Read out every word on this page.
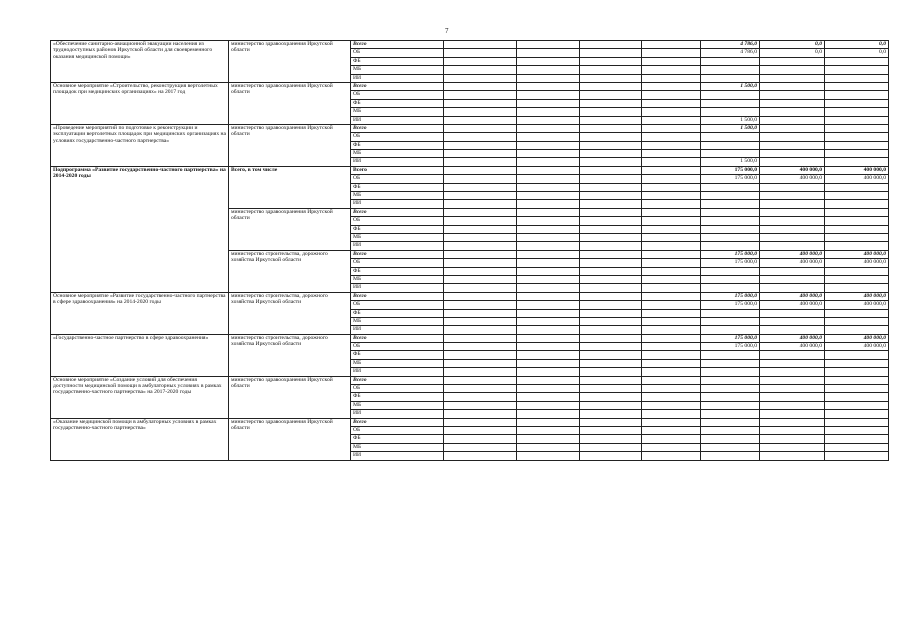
7
«Обеспечение санитарно-авиационной эвакуации населения из труднодоступных районов Иркутской области для своевременного оказания медицинской помощи»	министерство здравоохранения Иркутской области	Всего					4 786,0	0,0	0,0	
		ОБ					4 786,0	0,0	0,0	
		ФБ								
		МБ								
		ИИ								
Основное мероприятие «Строительство, реконструкция вертолетных площадок при медицинских организациях» на 2017 год	министерство здравоохранения Иркутской области	Всего					1 500,0			
		ОБ								
		ФБ								
		МБ								
		ИИ					1 500,0			
«Проведение мероприятий по подготовке к реконструкции и эксплуатации вертолетных площадок при медицинских организациях на условиях государственно-частного партнерства»	министерство здравоохранения Иркутской области	Всего					1 500,0			
		ОБ								
		ФБ								
		МБ								
		ИИ					1 500,0			
Подпрограмма «Развитие государственно-частного партнерства» на 2014-2020 годы	Всего, в том числе	Всего					175 000,0	400 000,0	400 000,0	
		ОБ					175 000,0	400 000,0	400 000,0	
		ФБ								
		МБ								
		ИИ								
	министерство здравоохранения Иркутской области	Всего								
		ОБ								
		ФБ								
		МБ								
		ИИ								
	министерство строительства, дорожного хозяйства Иркутской области	Всего					175 000,0	400 000,0	400 000,0	
		ОБ					175 000,0	400 000,0	400 000,0	
		ФБ								
		МБ								
		ИИ								
Основное мероприятие «Развитие государственно-частного партнерства в сфере здравоохранения» на 2014-2020 годы	министерство строительства, дорожного хозяйства Иркутской области	Всего					175 000,0	400 000,0	400 000,0	
		ОБ					175 000,0	400 000,0	400 000,0	
		ФБ								
		МБ								
		ИИ								
«Государственно-частное партнерство в сфере здравоохранения»	министерство строительства, дорожного хозяйства Иркутской области	Всего					175 000,0	400 000,0	400 000,0	
		ОБ					175 000,0	400 000,0	400 000,0	
		ФБ								
		МБ								
		ИИ								
Основное мероприятие «Создание условий для обеспечения доступности медицинской помощи в амбулаторных условиях в рамках государственно-частного партнерства» на 2017-2020 годы	министерство здравоохранения Иркутской области	Всего								
		ОБ								
		ФБ								
		МБ								
		ИИ								
«Оказание медицинской помощи в амбулаторных условиях в рамках государственно-частного партнерства»	министерство здравоохранения Иркутской области	Всего								
		ОБ								
		ФБ								
		МБ								
		ИИ								
